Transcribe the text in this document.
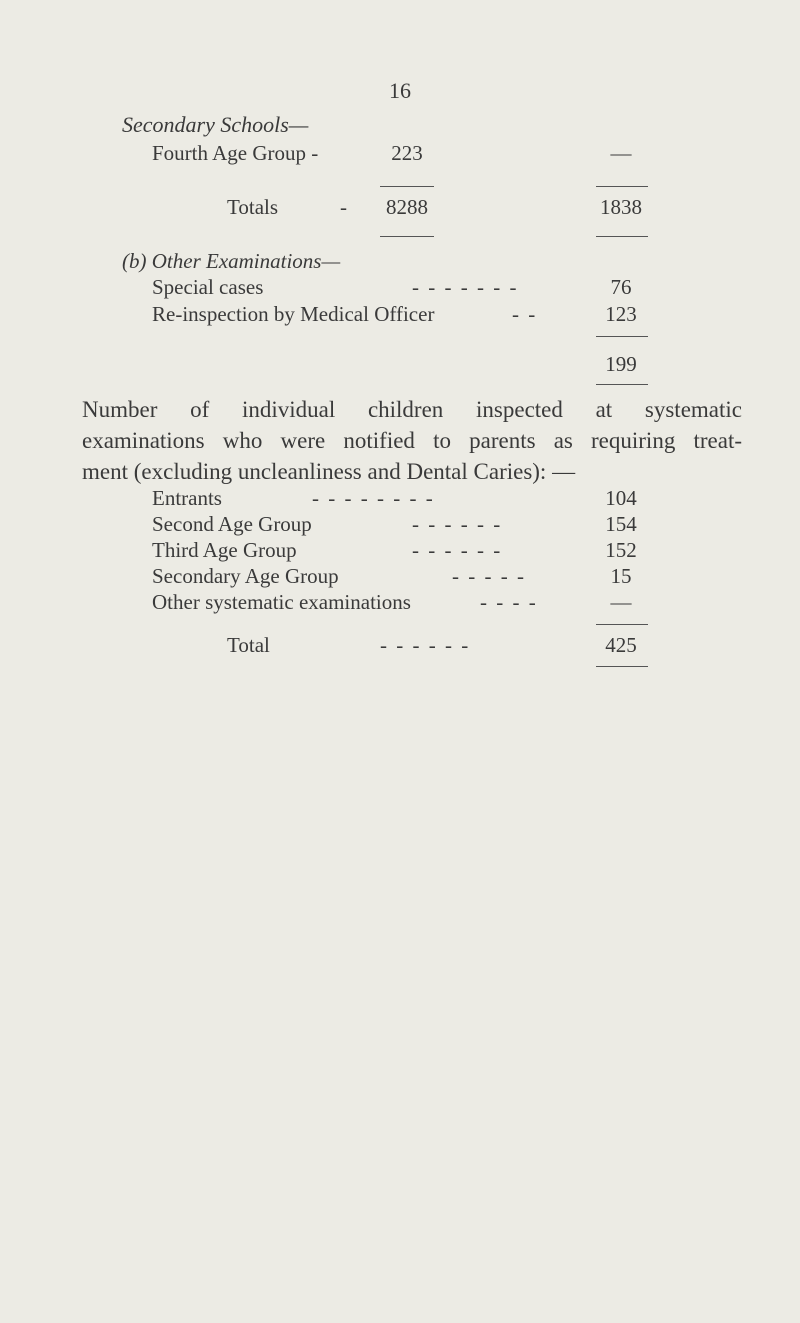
16
Secondary Schools—
Fourth Age Group -	223	—
Totals	-	8288	1838
(b) Other Examinations—
Special cases	- - - - - - -	76
Re-inspection by Medical Officer	- -	123
199
Number of individual children inspected at systematic
examinations who were notified to parents as requiring treat-
ment (excluding uncleanliness and Dental Caries): —
Entrants	- - - - - - - -	104
Second Age Group	- - - - - -	154
Third Age Group	- - - - - -	152
Secondary Age Group	- - - - -	15
Other systematic examinations	- - - -	—
Total	- - - - - -	425
